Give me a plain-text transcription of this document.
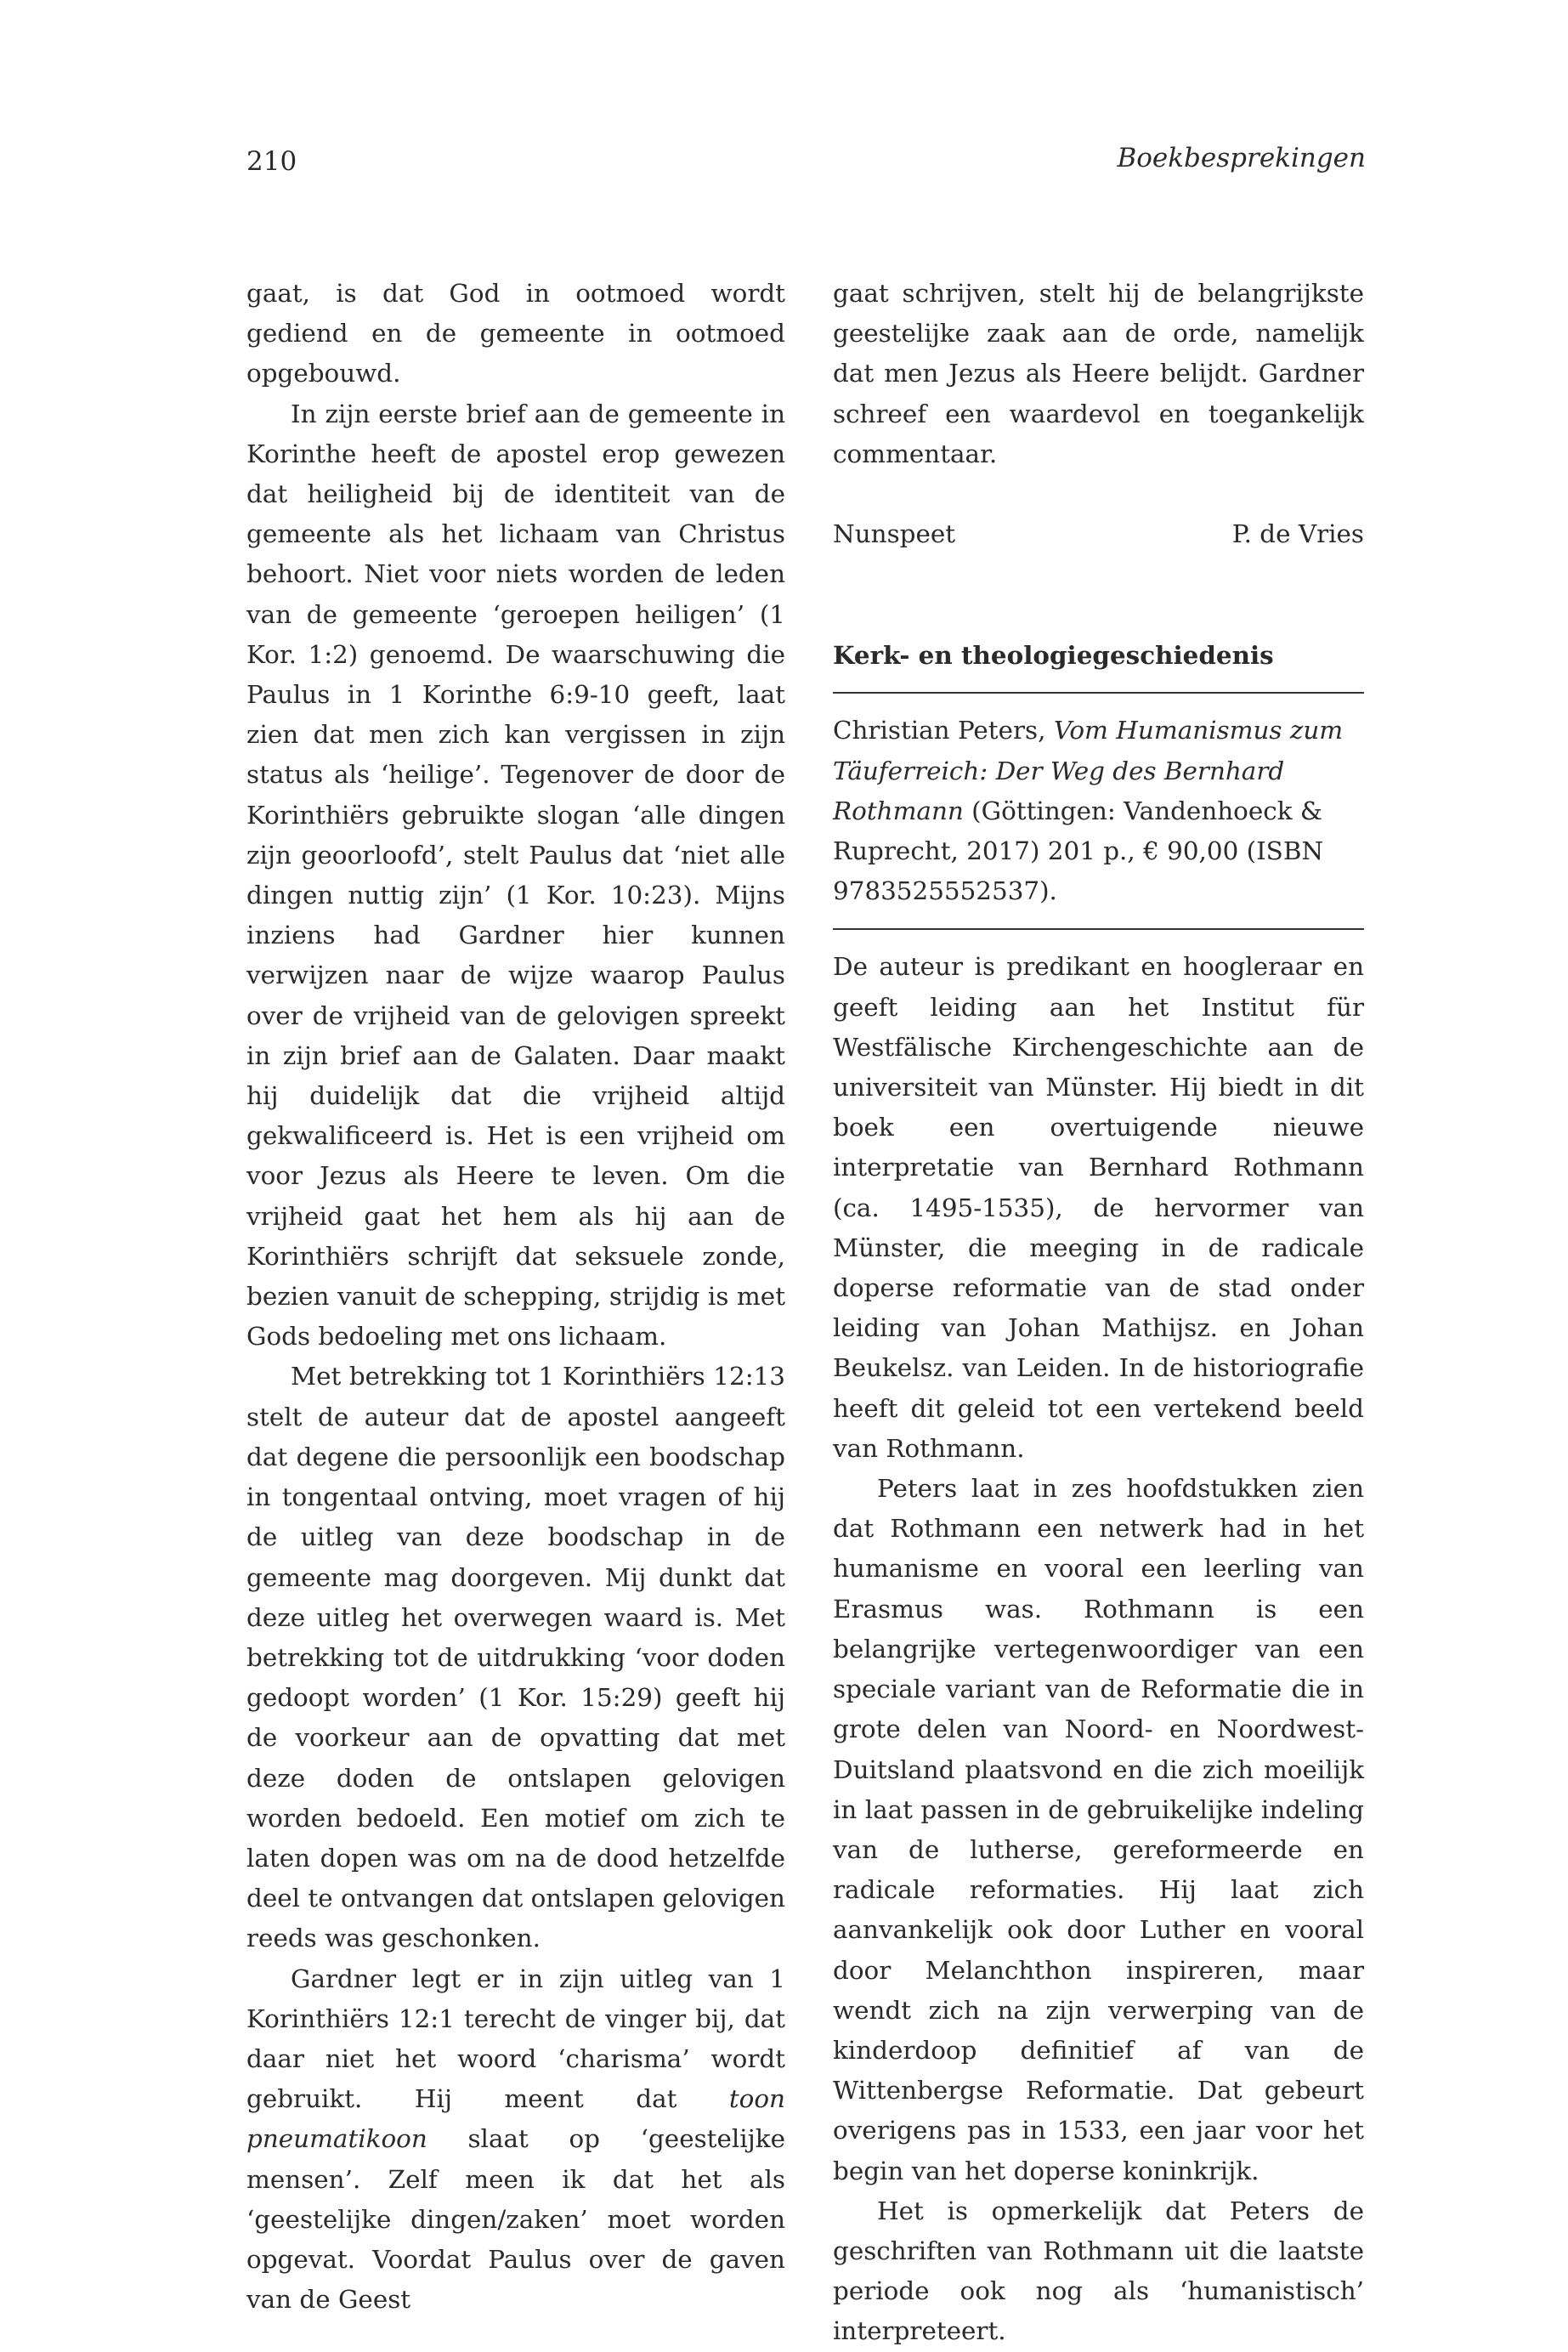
210	Boekbesprekingen

gaat, is dat God in ootmoed wordt gediend en de gemeente in ootmoed opgebouwd.

In zijn eerste brief aan de gemeente in Korinthe heeft de apostel erop gewezen dat heiligheid bij de identiteit van de gemeente als het lichaam van Christus behoort. Niet voor niets worden de leden van de gemeente ‘geroepen heiligen’ (1 Kor. 1:2) genoemd. De waarschuwing die Paulus in 1 Korinthe 6:9-10 geeft, laat zien dat men zich kan vergissen in zijn status als ‘heilige’. Tegenover de door de Korinthiërs gebruikte slogan ‘alle dingen zijn geoorloofd’, stelt Paulus dat ‘niet alle dingen nuttig zijn’ (1 Kor. 10:23). Mijns inziens had Gardner hier kunnen verwijzen naar de wijze waarop Paulus over de vrijheid van de gelovigen spreekt in zijn brief aan de Galaten. Daar maakt hij duidelijk dat die vrijheid altijd gekwalificeerd is. Het is een vrijheid om voor Jezus als Heere te leven. Om die vrijheid gaat het hem als hij aan de Korinthiërs schrijft dat seksuele zonde, bezien vanuit de schepping, strijdig is met Gods bedoeling met ons lichaam.

Met betrekking tot 1 Korinthiërs 12:13 stelt de auteur dat de apostel aangeeft dat degene die persoonlijk een boodschap in tongentaal ontving, moet vragen of hij de uitleg van deze boodschap in de gemeente mag doorgeven. Mij dunkt dat deze uitleg het overwegen waard is. Met betrekking tot de uitdrukking ‘voor doden gedoopt worden’ (1 Kor. 15:29) geeft hij de voorkeur aan de opvatting dat met deze doden de ontslapen gelovigen worden bedoeld. Een motief om zich te laten dopen was om na de dood hetzelfde deel te ontvangen dat ontslapen gelovigen reeds was geschonken.

Gardner legt er in zijn uitleg van 1 Korinthiërs 12:1 terecht de vinger bij, dat daar niet het woord ‘charisma’ wordt gebruikt. Hij meent dat toon pneumatikoon slaat op ‘geestelijke mensen’. Zelf meen ik dat het als ‘geestelijke dingen/zaken’ moet worden opgevat. Voordat Paulus over de gaven van de Geest

gaat schrijven, stelt hij de belangrijkste geestelijke zaak aan de orde, namelijk dat men Jezus als Heere belijdt. Gardner schreef een waardevol en toegankelijk commentaar.

Nunspeet	P. de Vries
Kerk- en theologiegeschiedenis

Christian Peters, Vom Humanismus zum Täuferreich: Der Weg des Bernhard Rothmann (Göttingen: Vandenhoeck & Ruprecht, 2017) 201 p., € 90,00 (ISBN 9783525552537).

De auteur is predikant en hoogleraar en geeft leiding aan het Institut für Westfälische Kirchengeschichte aan de universiteit van Münster. Hij biedt in dit boek een overtuigende nieuwe interpretatie van Bernhard Rothmann (ca. 1495-1535), de hervormer van Münster, die meeging in de radicale doperse reformatie van de stad onder leiding van Johan Mathijsz. en Johan Beukelsz. van Leiden. In de historiografie heeft dit geleid tot een vertekend beeld van Rothmann.

Peters laat in zes hoofdstukken zien dat Rothmann een netwerk had in het humanisme en vooral een leerling van Erasmus was. Rothmann is een belangrijke vertegenwoordiger van een speciale variant van de Reformatie die in grote delen van Noord- en Noordwest-Duitsland plaatsvond en die zich moeilijk in laat passen in de gebruikelijke indeling van de lutherse, gereformeerde en radicale reformaties. Hij laat zich aanvankelijk ook door Luther en vooral door Melanchthon inspireren, maar wendt zich na zijn verwerping van de kinderdoop definitief af van de Wittenbergse Reformatie. Dat gebeurt overigens pas in 1533, een jaar voor het begin van het doperse koninkrijk.

Het is opmerkelijk dat Peters de geschriften van Rothmann uit die laatste periode ook nog als ‘humanistisch’ interpreteert.
